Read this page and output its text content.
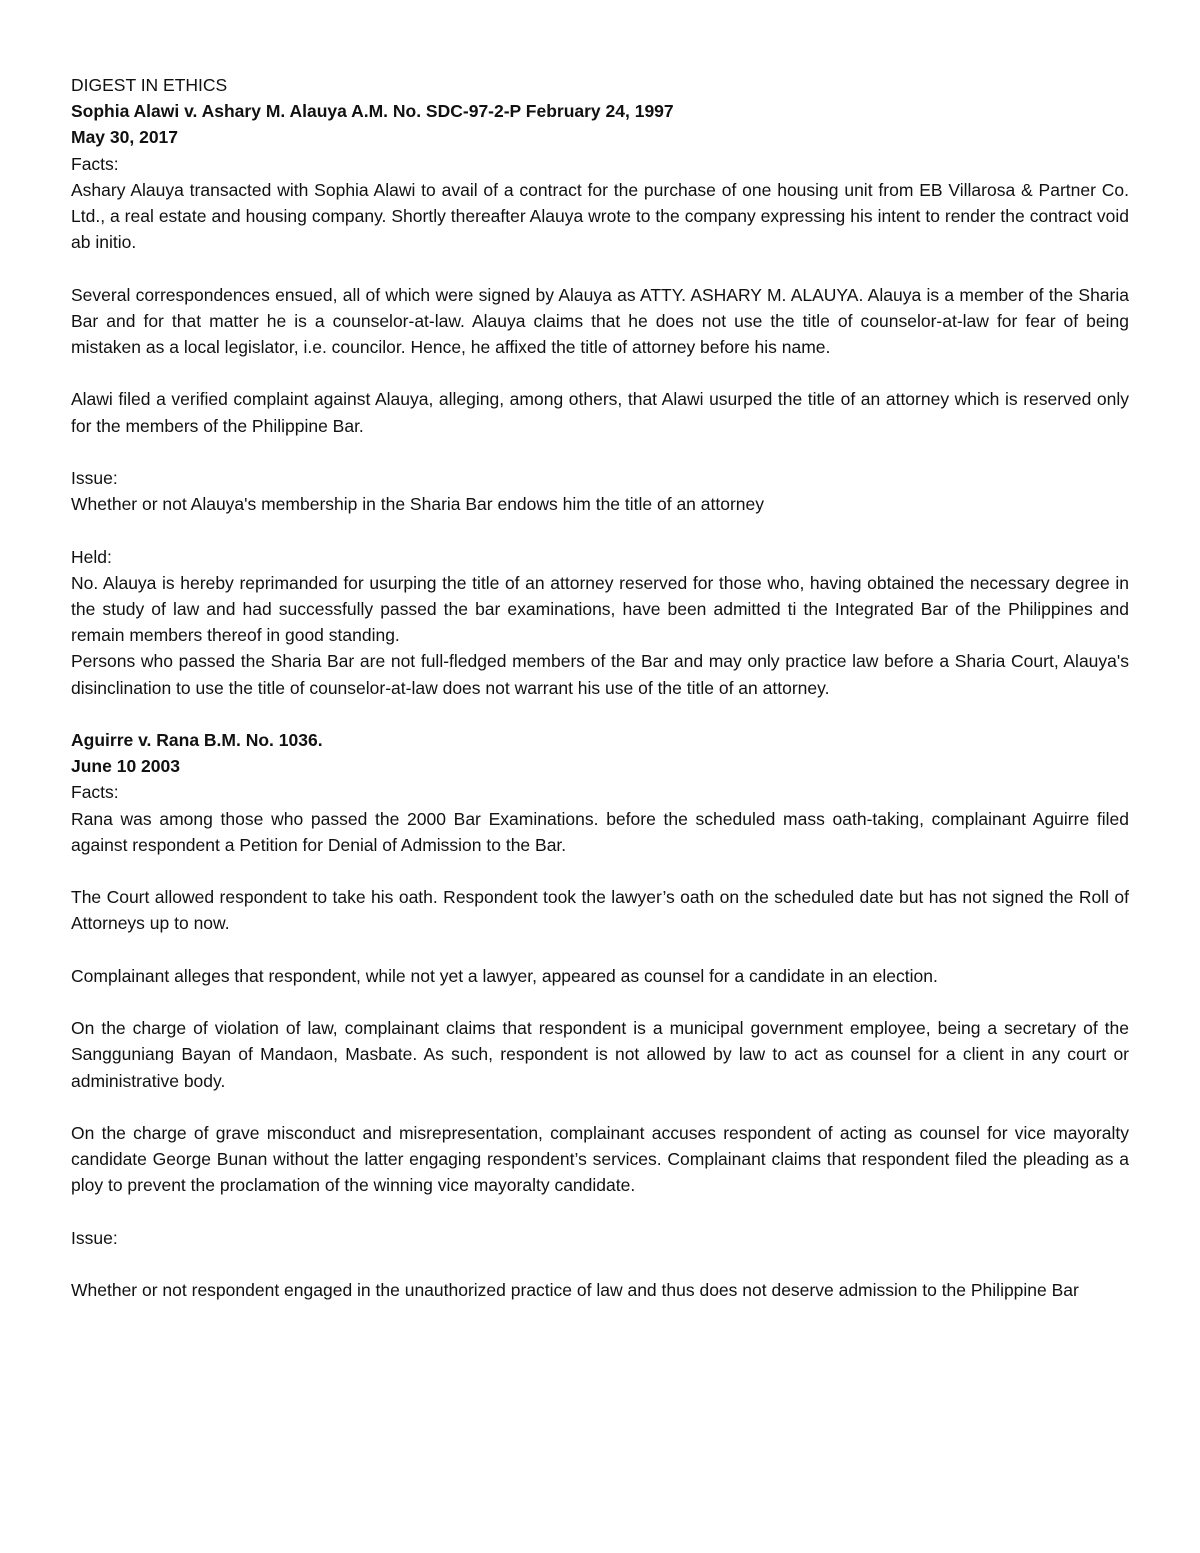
DIGEST IN ETHICS

Sophia Alawi v. Ashary M. Alauya A.M. No. SDC-97-2-P February 24, 1997

May 30, 2017

Facts:

Ashary Alauya transacted with Sophia Alawi to avail of a contract for the purchase of one housing unit from EB Villarosa & Partner Co. Ltd., a real estate and housing company. Shortly thereafter Alauya wrote to the company expressing his intent to render the contract void ab initio.

Several correspondences ensued, all of which were signed by Alauya as ATTY. ASHARY M. ALAUYA. Alauya is a member of the Sharia Bar and for that matter he is a counselor-at-law. Alauya claims that he does not use the title of counselor-at-law for fear of being mistaken as a local legislator, i.e. councilor. Hence, he affixed the title of attorney before his name.

Alawi filed a verified complaint against Alauya, alleging, among others, that Alawi usurped the title of an attorney which is reserved only for the members of the Philippine Bar.

Issue:

Whether or not Alauya's membership in the Sharia Bar endows him the title of an attorney

Held:

No. Alauya is hereby reprimanded for usurping the title of an attorney reserved for those who, having obtained the necessary degree in the study of law and had successfully passed the bar examinations, have been admitted ti the Integrated Bar of the Philippines and remain members thereof in good standing.

Persons who passed the Sharia Bar are not full-fledged members of the Bar and may only practice law before a Sharia Court, Alauya's disinclination to use the title of counselor-at-law does not warrant his use of the title of an attorney.

Aguirre v. Rana B.M. No. 1036.

June 10 2003

Facts:

Rana was among those who passed the 2000 Bar Examinations. before the scheduled mass oath-taking, complainant Aguirre filed against respondent a Petition for Denial of Admission to the Bar.

The Court allowed respondent to take his oath. Respondent took the lawyer’s oath on the scheduled date but has not signed the Roll of Attorneys up to now.

Complainant alleges that respondent, while not yet a lawyer, appeared as counsel for a candidate in an election.

On the charge of violation of law, complainant claims that respondent is a municipal government employee, being a secretary of the Sangguniang Bayan of Mandaon, Masbate. As such, respondent is not allowed by law to act as counsel for a client in any court or administrative body.

On the charge of grave misconduct and misrepresentation, complainant accuses respondent of acting as counsel for vice mayoralty candidate George Bunan without the latter engaging respondent’s services. Complainant claims that respondent filed the pleading as a ploy to prevent the proclamation of the winning vice mayoralty candidate.

Issue:

Whether or not respondent engaged in the unauthorized practice of law and thus does not deserve admission to the Philippine Bar
